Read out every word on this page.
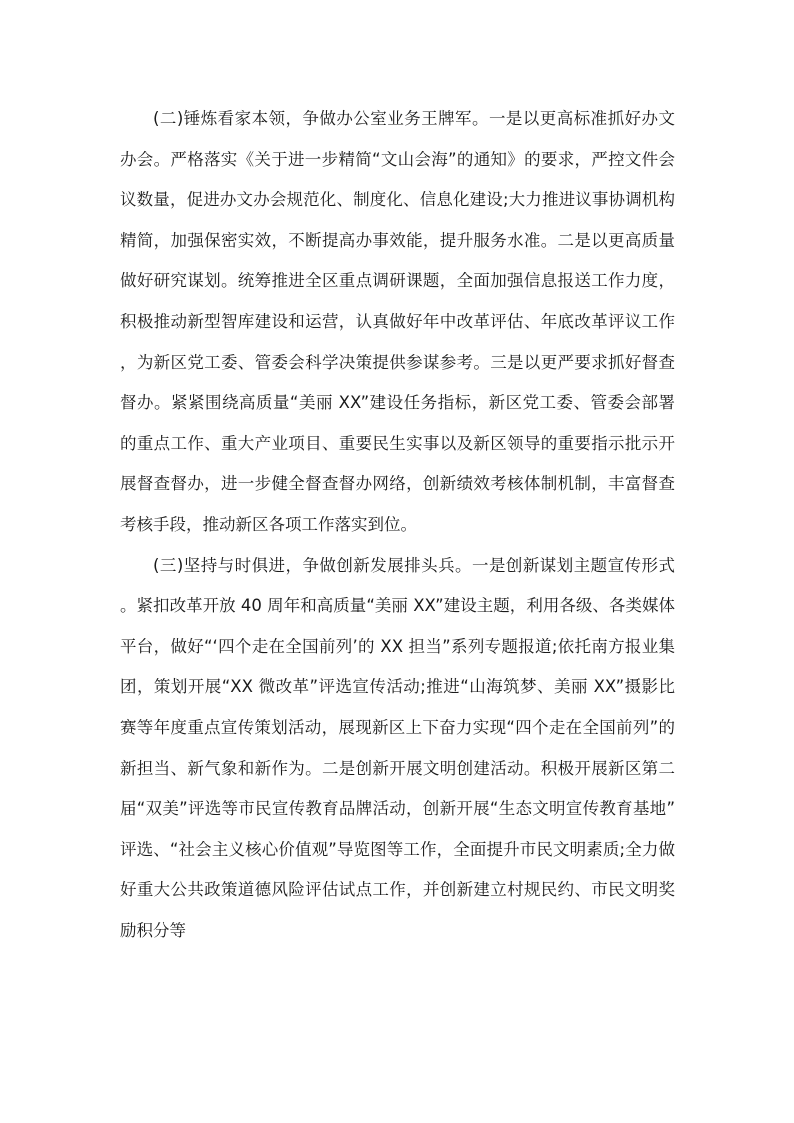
(二)锤炼看家本领，争做办公室业务王牌军。一是以更高标准抓好办文办会。严格落实《关于进一步精简“文山会海”的通知》的要求，严控文件会议数量，促进办文办会规范化、制度化、信息化建设;大力推进议事协调机构精简，加强保密实效，不断提高办事效能，提升服务水准。二是以更高质量做好研究谋划。统筹推进全区重点调研课题，全面加强信息报送工作力度，积极推动新型智库建设和运营，认真做好年中改革评估、年底改革评议工作，为新区党工委、管委会科学决策提供参谋参考。三是以更严要求抓好督查督办。紧紧围绕高质量“美丽 XX”建设任务指标，新区党工委、管委会部署的重点工作、重大产业项目、重要民生实事以及新区领导的重要指示批示开展督查督办，进一步健全督查督办网络，创新绩效考核体制机制，丰富督查考核手段，推动新区各项工作落实到位。

(三)坚持与时俱进，争做创新发展排头兵。一是创新谋划主题宣传形式。紧扣改革开放 40 周年和高质量“美丽 XX”建设主题，利用各级、各类媒体平台，做好“‘四个走在全国前列’的 XX 担当”系列专题报道;依托南方报业集团，策划开展“XX 微改革”评选宣传活动;推进“山海筑梦、美丽 XX”摄影比赛等年度重点宣传策划活动，展现新区上下奋力实现“四个走在全国前列”的新担当、新气象和新作为。二是创新开展文明创建活动。积极开展新区第二届“双美”评选等市民宣传教育品牌活动，创新开展“生态文明宣传教育基地”评选、“社会主义核心价值观”导览图等工作，全面提升市民文明素质;全力做好重大公共政策道德风险评估试点工作，并创新建立村规民约、市民文明奖励积分等
